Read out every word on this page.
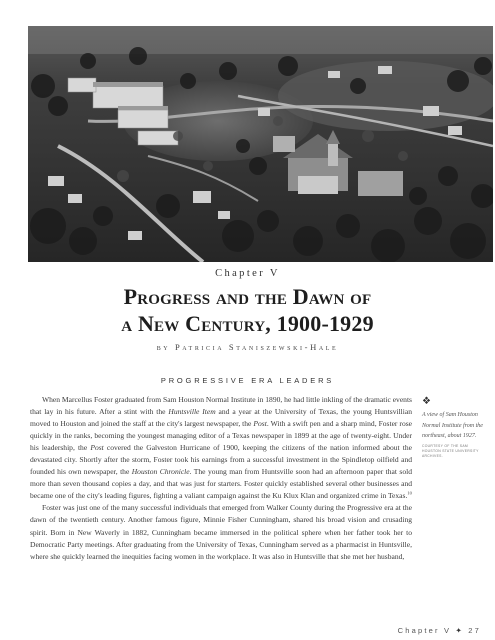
Chapter V
Progress and the Dawn of
a New Century, 1900-1929
by Patricia Staniszewski-Hale
PROGRESSIVE ERA LEADERS

When Marcellus Foster graduated from Sam Houston Normal Institute in 1890, he had little inkling of the dramatic events that lay in his future. After a stint with the Huntsville Item and a year at the University of Texas, the young Huntsvillian moved to Houston and joined the staff at the city's largest newspaper, the Post. With a swift pen and a sharp mind, Foster rose quickly in the ranks, becoming the youngest managing editor of a Texas newspaper in 1899 at the age of twenty-eight. Under his leadership, the Post covered the Galveston Hurricane of 1900, keeping the citizens of the nation informed about the devastated city. Shortly after the storm, Foster took his earnings from a successful investment in the Spindletop oilfield and founded his own newspaper, the Houston Chronicle. The young man from Huntsville soon had an afternoon paper that sold more than seven thousand copies a day, and that was just for starters. Foster quickly established several other businesses and became one of the city's leading figures, fighting a valiant campaign against the Ku Klux Klan and organized crime in Texas.$^{10}$

Foster was just one of the many successful individuals that emerged from Walker County during the Progressive era at the dawn of the twentieth century. Another famous figure, Minnie Fisher Cunningham, shared his broad vision and crusading spirit. Born in New Waverly in 1882, Cunningham became immersed in the political sphere when her father took her to Democratic Party meetings. After graduating from the University of Texas, Cunningham served as a pharmacist in Huntsville, where she quickly learned the inequities facing women in the workplace. It was also in Huntsville that she met her husband,

❖
A view of Sam Houston Normal Institute from the northeast, about 1927.
COURTESY OF THE SAM HOUSTON STATE UNIVERSITY ARCHIVES.
Chapter V ✦ 27
